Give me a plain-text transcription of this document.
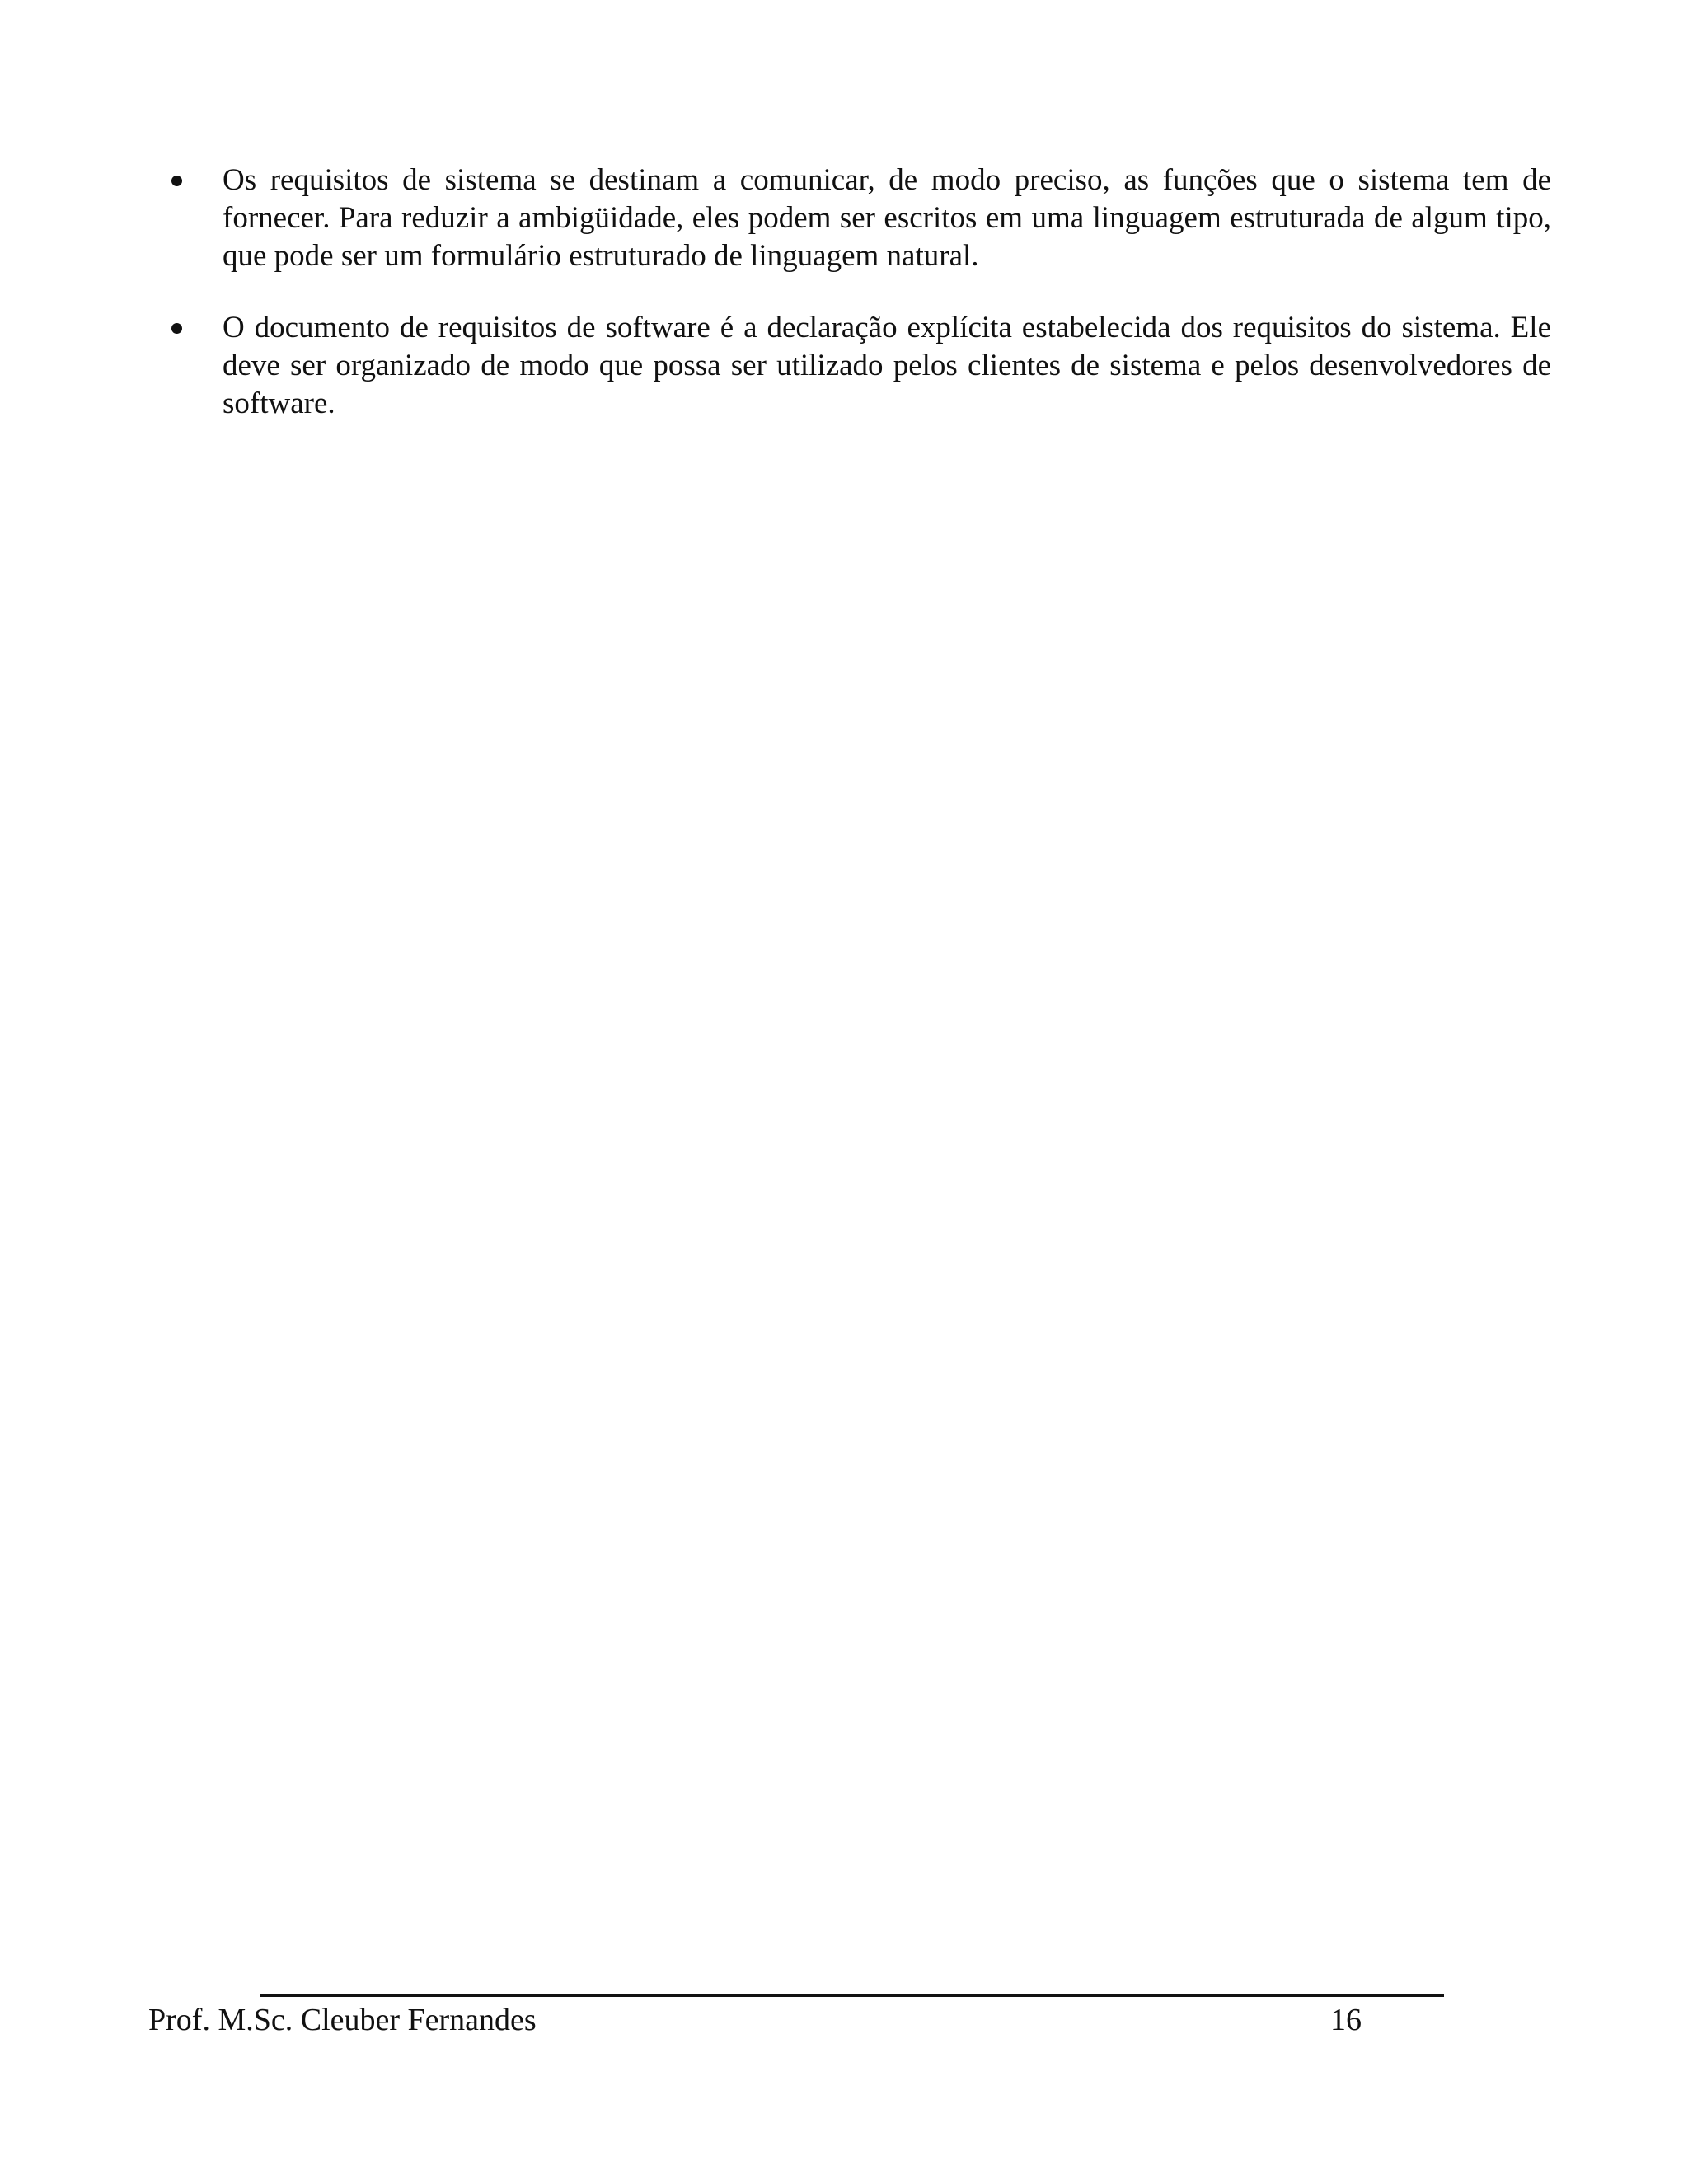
Os requisitos de sistema se destinam a comunicar, de modo preciso, as funções que o sistema tem de fornecer. Para reduzir a ambigüidade, eles podem ser escritos em uma linguagem estruturada de algum tipo, que pode ser um formulário estruturado de linguagem natural.
O documento de requisitos de software é a declaração explícita estabelecida dos requisitos do sistema. Ele deve ser organizado de modo que possa ser utilizado pelos clientes de sistema e pelos desenvolvedores de software.
Prof. M.Sc. Cleuber Fernandes	16
